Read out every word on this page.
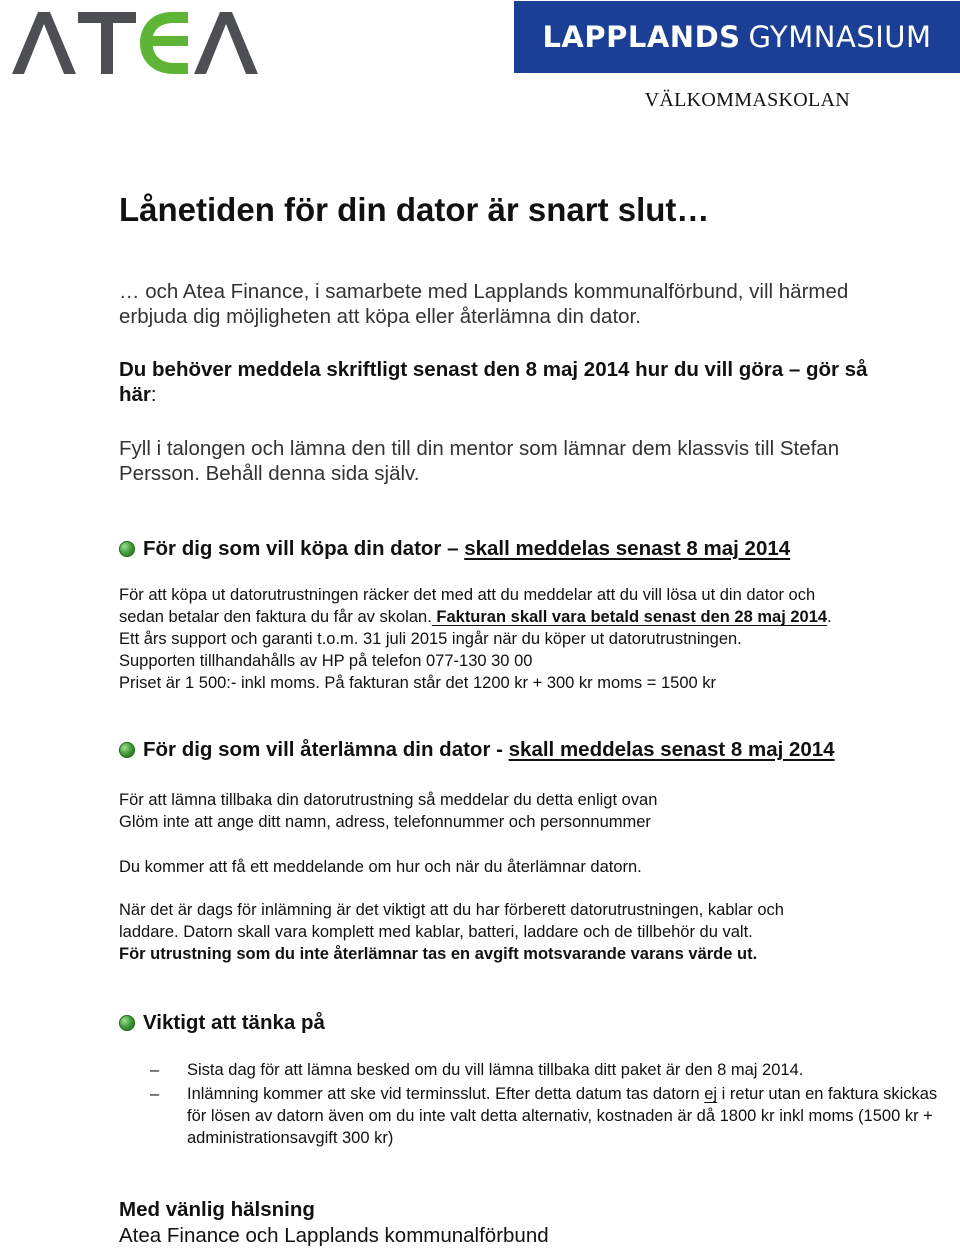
LAPPLANDS GYMNASIUM
VÄLKOMMASKOLAN
Lånetiden för din dator är snart slut…
… och Atea Finance, i samarbete med Lapplands kommunalförbund, vill härmed
erbjuda dig möjligheten att köpa eller återlämna din dator.
Du behöver meddela skriftligt senast den 8 maj 2014 hur du vill göra – gör så
här:
Fyll i talongen och lämna den till din mentor som lämnar dem klassvis till Stefan
Persson. Behåll denna sida själv.
För dig som vill köpa din dator –
skall meddelas senast 8 maj 2014
För att köpa ut datorutrustningen räcker det med att du meddelar att du vill lösa ut din dator och
sedan betalar den faktura du får av skolan. Fakturan skall vara betald senast den 28 maj 2014.
Ett års support och garanti t.o.m. 31 juli 2015 ingår när du köper ut datorutrustningen.
Supporten tillhandahålls av HP på telefon 077-130 30 00
Priset är 1 500:- inkl moms. På fakturan står det 1200 kr + 300 kr moms = 1500 kr
För dig som vill återlämna din dator -
skall meddelas senast 8 maj 2014
För att lämna tillbaka din datorutrustning så meddelar du detta enligt ovan
Glöm inte att ange ditt namn, adress, telefonnummer och personnummer
Du kommer att få ett meddelande om hur och när du återlämnar datorn.
När det är dags för inlämning är det viktigt att du har förberett datorutrustningen, kablar och
laddare. Datorn skall vara komplett med kablar, batteri, laddare och de tillbehör du valt.
För utrustning som du inte återlämnar tas en avgift motsvarande varans värde ut.
Viktigt att tänka på
–	Sista dag för att lämna besked om du vill lämna tillbaka ditt paket är den 8 maj 2014.
–	Inlämning kommer att ske vid terminsslut. Efter detta datum tas datorn ej i retur utan en faktura skickas för lösen av datorn även om du inte valt detta alternativ, kostnaden är då 1800 kr inkl moms (1500 kr + administrationsavgift 300 kr)
Med vänlig hälsning
Atea Finance och Lapplands kommunalförbund
